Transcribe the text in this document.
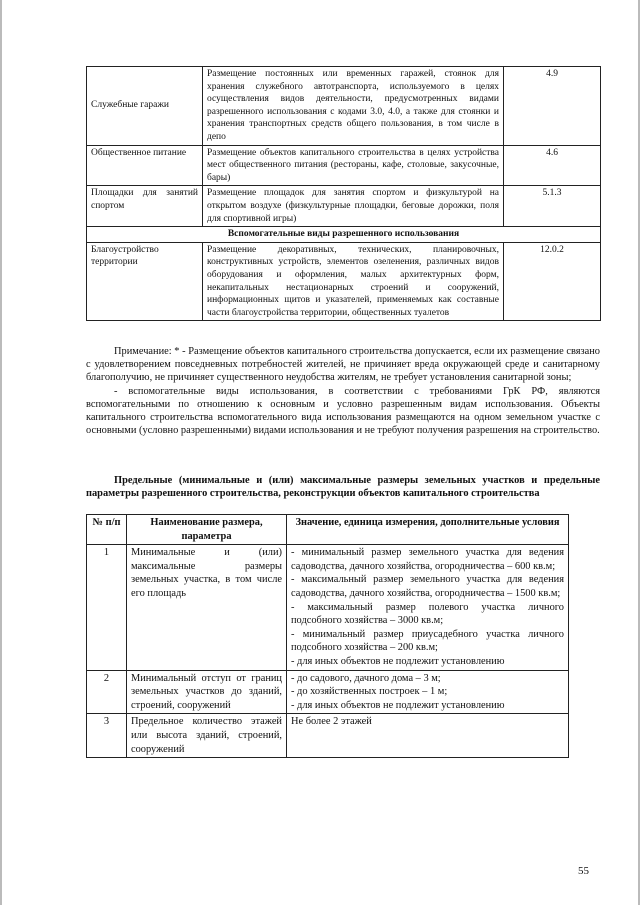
Служебные гаражи	Размещение постоянных или временных гаражей, стоянок для хранения служебного автотранспорта, используемого в целях осуществления видов деятельности, предусмотренных видами разрешенного использования с кодами 3.0, 4.0, а также для стоянки и хранения транспортных средств общего пользования, в том числе в депо	4.9
Общественное питание	Размещение объектов капитального строительства в целях устройства мест общественного питания (рестораны, кафе, столовые, закусочные, бары)	4.6
Площадки для занятий спортом	Размещение площадок для занятия спортом и физкультурой на открытом воздухе (физкультурные площадки, беговые дорожки, поля для спортивной игры)	5.1.3
Вспомогательные виды разрешенного использования		
Благоустройство территории	Размещение декоративных, технических, планировочных, конструктивных устройств, элементов озеленения, различных видов оборудования и оформления, малых архитектурных форм, некапитальных нестационарных строений и сооружений, информационных щитов и указателей, применяемых как составные части благоустройства территории, общественных туалетов	12.0.2

Примечание: * - Размещение объектов капитального строительства допускается, если их размещение связано с удовлетворением повседневных потребностей жителей, не причиняет вреда окружающей среде и санитарному благополучию, не причиняет существенного неудобства жителям, не требует установления санитарной зоны;

- вспомогательные виды использования, в соответствии с требованиями ГрК РФ, являются вспомогательными по отношению к основным и условно разрешенным видам использования. Объекты капитального строительства вспомогательного вида использования размещаются на одном земельном участке с основными (условно разрешенными) видами использования и не требуют получения разрешения на строительство.

Предельные (минимальные и (или) максимальные размеры земельных участков и предельные параметры разрешенного строительства, реконструкции объектов капитального строительства

№ п/п	Наименование размера, параметра	Значение, единица измерения, дополнительные условия
1	Минимальные и (или) максимальные размеры земельных участка, в том числе его площадь	- минимальный размер земельного участка для ведения садоводства, дачного хозяйства, огородничества – 600 кв.м;
- максимальный размер земельного участка для ведения садоводства, дачного хозяйства, огородничества – 1500 кв.м;
- максимальный размер полевого участка личного подсобного хозяйства – 3000 кв.м;
- минимальный размер приусадебного участка личного подсобного хозяйства – 200 кв.м;
- для иных объектов не подлежит установлению

2	Минимальный отступ от границ земельных участков до зданий, строений, сооружений	- до садового, дачного дома – 3 м;
- до хозяйственных построек – 1 м;
- для иных объектов не подлежит установлению

3	Предельное количество этажей или высота зданий, строений, сооружений	Не более 2 этажей
55
